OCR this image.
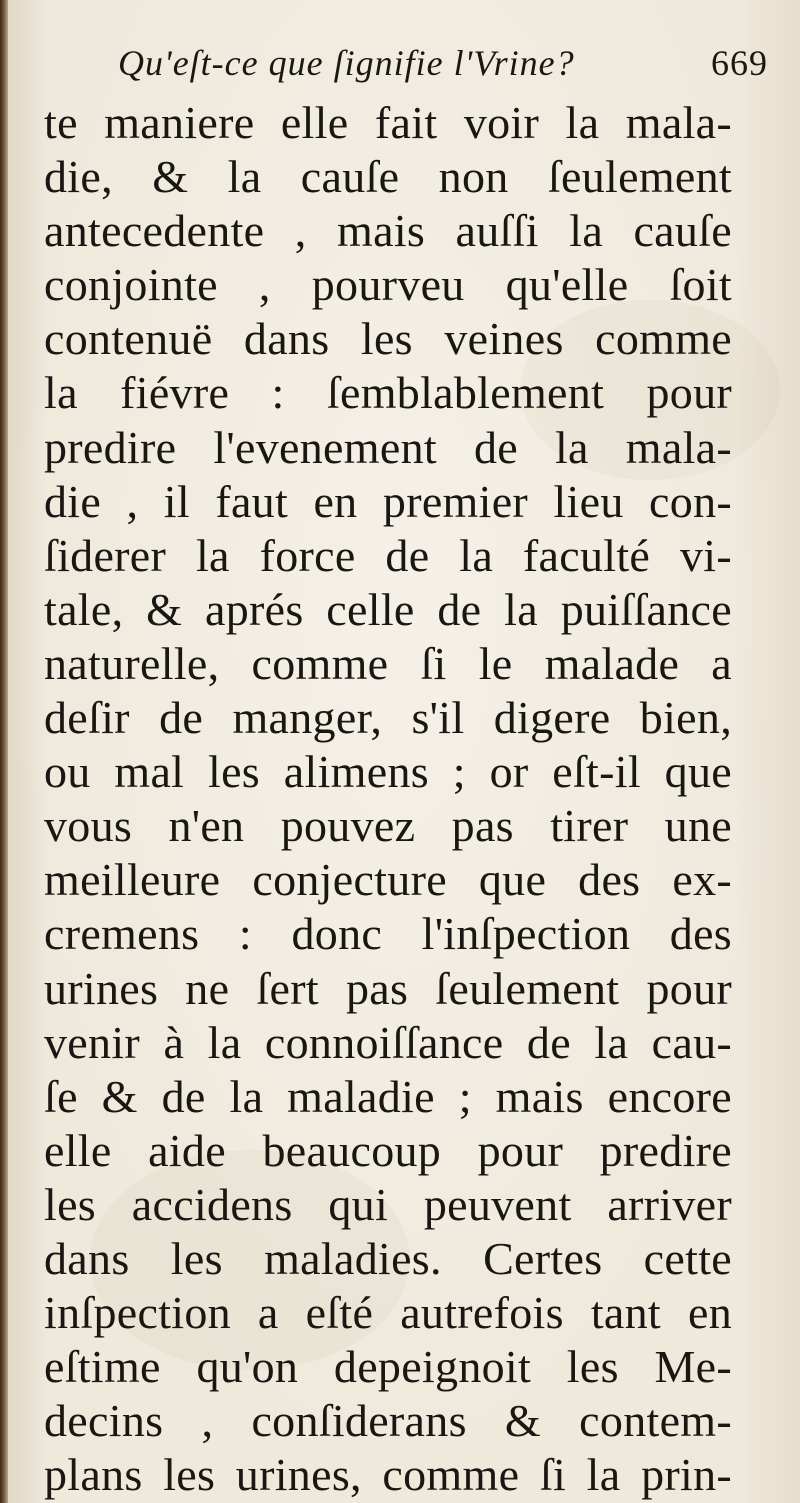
Qu'eſt-ce que ſignifie l'Vrine?	669
te maniere elle fait voir la mala-
die, & la cauſe non ſeulement
antecedente , mais auſſi la cauſe
conjointe , pourveu qu'elle ſoit
contenuë dans les veines comme
la fiévre : ſemblablement pour
predire l'evenement de la mala-
die , il faut en premier lieu con-
ſiderer la force de la faculté vi-
tale, & aprés celle de la puiſſance
naturelle, comme ſi le malade a
deſir de manger, s'il digere bien,
ou mal les alimens ; or eſt-il que
vous n'en pouvez pas tirer une
meilleure conjecture que des ex-
cremens : donc l'inſpection des
urines ne ſert pas ſeulement pour
venir à la connoiſſance de la cau-
ſe & de la maladie ; mais encore
elle aide beaucoup pour predire
les accidens qui peuvent arriver
dans les maladies. Certes cette
inſpection a eſté autrefois tant en
eſtime qu'on depeignoit les Me-
decins , conſiderans & contem-
plans les urines, comme ſi la prin-
